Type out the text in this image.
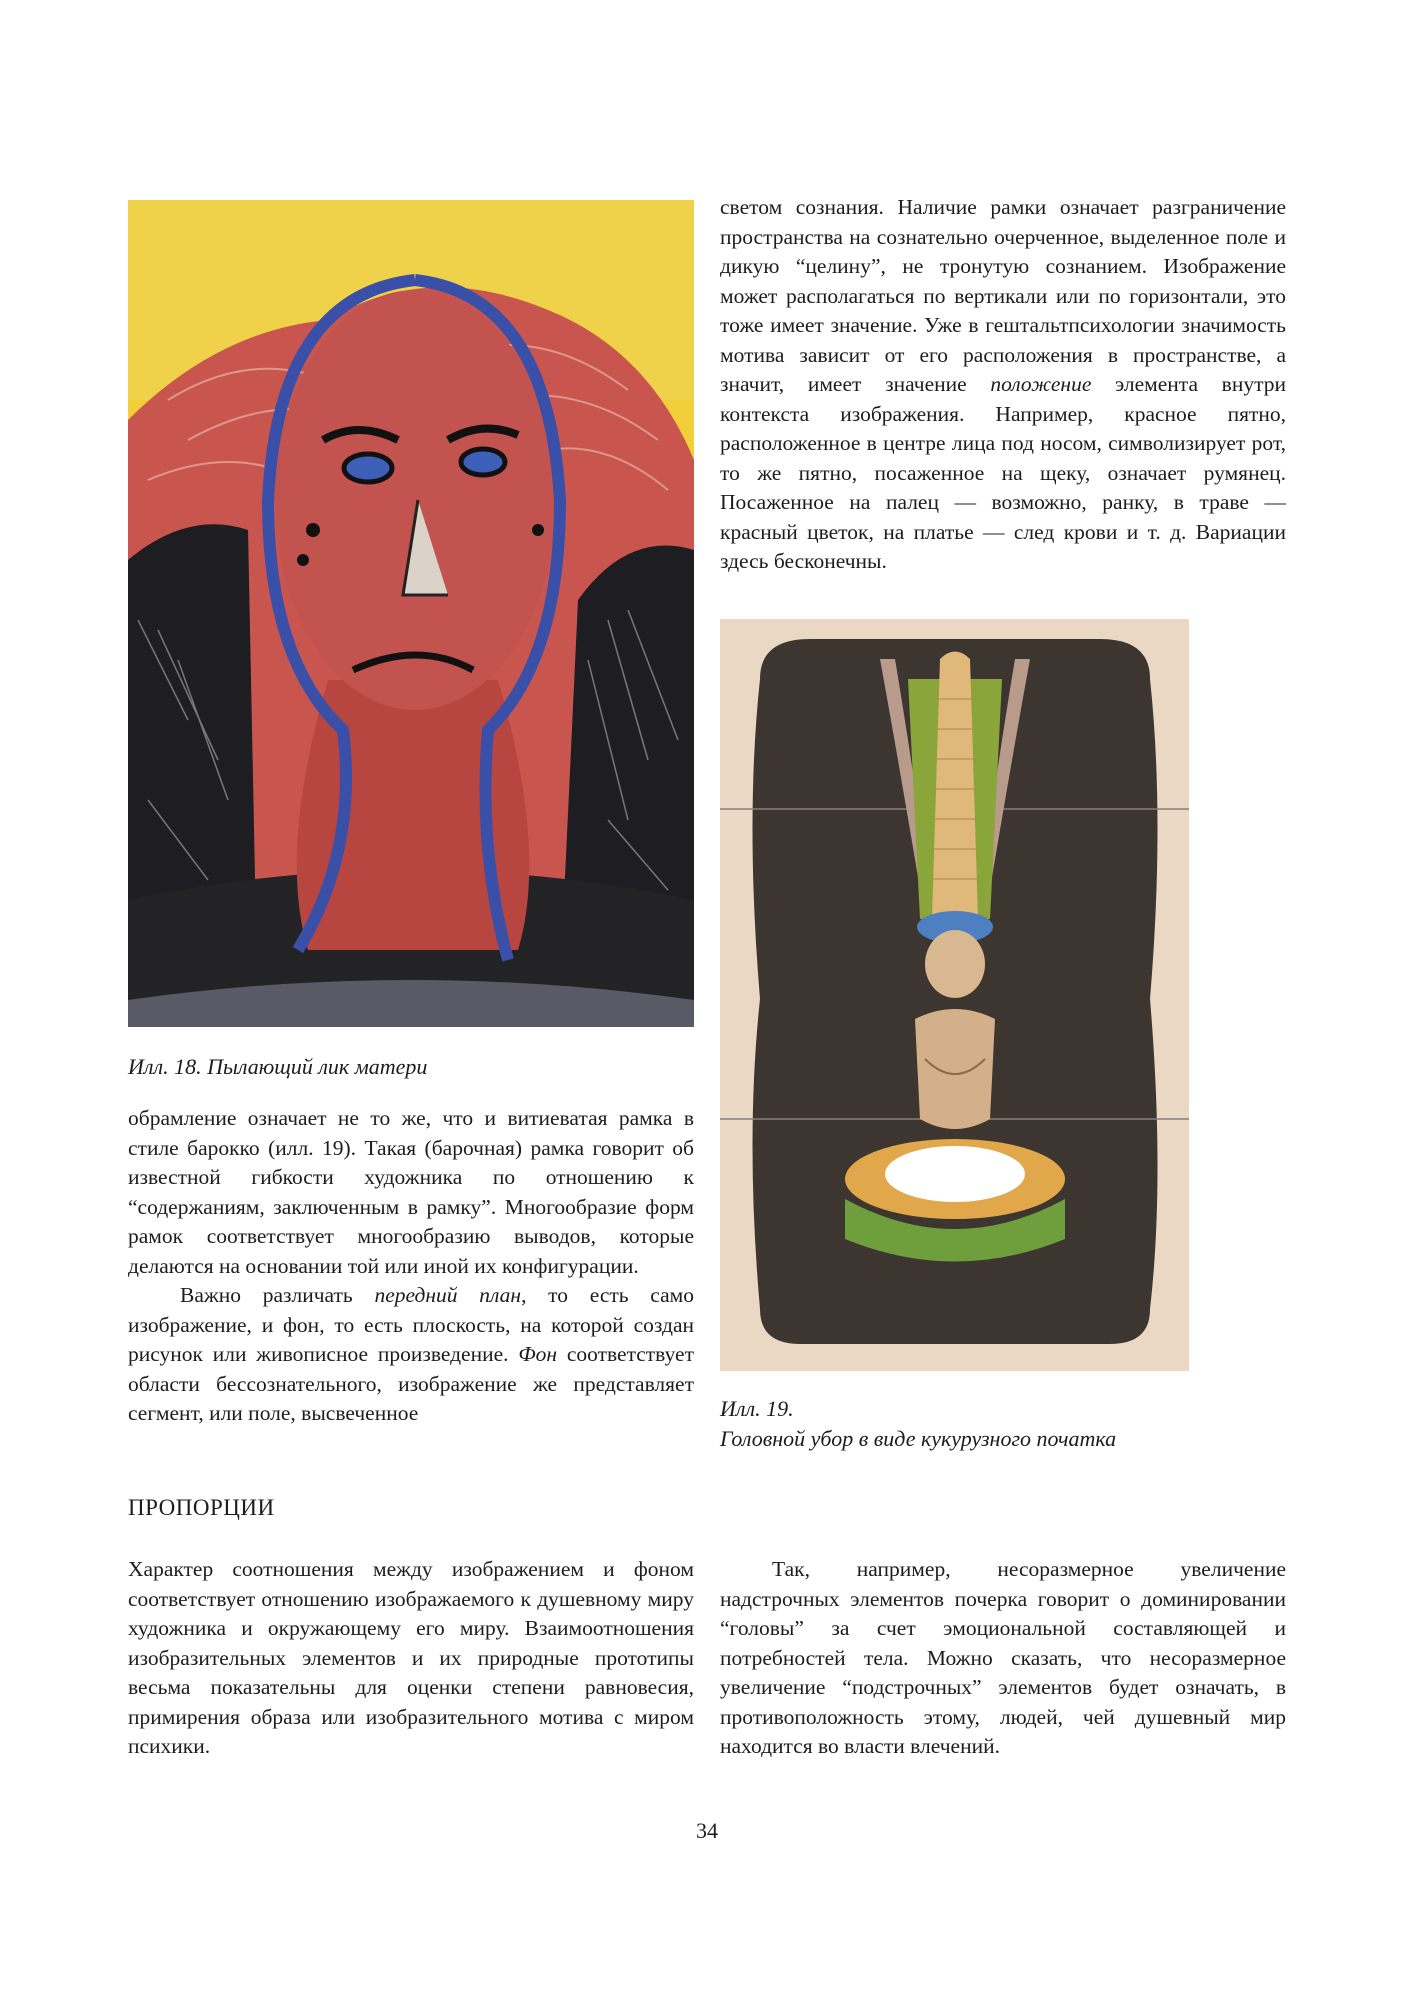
Илл. 18. Пылающий лик матери

обрамление означает не то же, что и витиеватая рамка в стиле барокко (илл. 19). Такая (барочная) рамка говорит об известной гибкости художника по отношению к “содержаниям, заключенным в рамку”. Многообразие форм рамок соответствует многообразию выводов, которые делаются на основании той или иной их конфигурации.

Важно различать передний план, то есть само изображение, и фон, то есть плоскость, на которой создан рисунок или живописное произведение. Фон соответствует области бессознательного, изображение же представляет сегмент, или поле, высвеченное

светом сознания. Наличие рамки означает разграничение пространства на сознательно очерченное, выделенное поле и дикую “целину”, не тронутую сознанием. Изображение может располагаться по вертикали или по горизонтали, это тоже имеет значение. Уже в гештальтпсихологии значимость мотива зависит от его расположения в пространстве, а значит, имеет значение положение элемента внутри контекста изображения. Например, красное пятно, расположенное в центре лица под носом, символизирует рот, то же пятно, посаженное на щеку, означает румянец. Посаженное на палец — возможно, ранку, в траве — красный цветок, на платье — след крови и т. д. Вариации здесь бесконечны.

Илл. 19.
Головной убор в виде кукурузного початка
ПРОПОРЦИИ
Характер соотношения между изображением и фоном соответствует отношению изображаемого к душевному миру художника и окружающему его миру. Взаимоотношения изобразительных элементов и их природные прототипы весьма показательны для оценки степени равновесия, примирения образа или изобразительного мотива с миром психики.
Так, например, несоразмерное увеличение надстрочных элементов почерка говорит о доминировании “головы” за счет эмоциональной составляющей и потребностей тела. Можно сказать, что несоразмерное увеличение “подстрочных” элементов будет означать, в противоположность этому, людей, чей душевный мир находится во власти влечений.
34
